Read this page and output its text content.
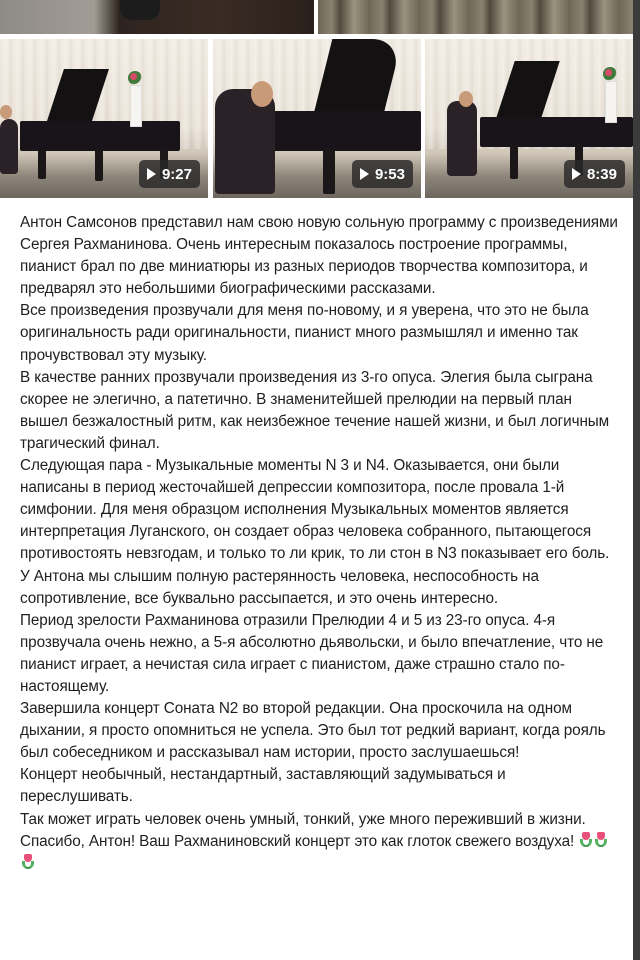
9:27	9:53	8:39

Антон Самсонов представил нам свою новую сольную программу с произведениями Сергея Рахманинова. Очень интересным показалось построение программы, пианист брал по две миниатюры из разных периодов творчества композитора, и предварял это небольшими биографическими рассказами.

Все произведения прозвучали для меня по-новому, и я уверена, что это не была оригинальность ради оригинальности, пианист много размышлял и именно так прочувствовал эту музыку.

В качестве ранних прозвучали произведения из 3-го опуса. Элегия была сыграна скорее не элегично, а патетично. В знаменитейшей прелюдии на первый план вышел безжалостный ритм, как неизбежное течение нашей жизни, и был логичным трагический финал.

Следующая пара - Музыкальные моменты N 3 и N4. Оказывается, они были написаны в период жесточайшей депрессии композитора, после провала 1-й симфонии. Для меня образцом исполнения Музыкальных моментов является интерпретация Луганского, он создает образ человека собранного, пытающегося противостоять невзгодам, и только то ли крик, то ли стон в N3 показывает его боль. У Антона мы слышим полную растерянность человека, неспособность на сопротивление, все буквально рассыпается, и это очень интересно.

Период зрелости Рахманинова отразили Прелюдии 4 и 5 из 23-го опуса. 4-я прозвучала очень нежно, а 5-я абсолютно дьявольски, и было впечатление, что не пианист играет, а нечистая сила играет с пианистом, даже страшно стало по-настоящему.

Завершила концерт Соната N2 во второй редакции. Она проскочила на одном дыхании, я просто опомниться не успела. Это был тот редкий вариант, когда рояль был собеседником и рассказывал нам истории, просто заслушаешься!

Концерт необычный, нестандартный, заставляющий задумываться и переслушивать.

Так может играть человек очень умный, тонкий, уже много переживший в жизни.

Спасибо, Антон! Ваш Рахманиновский концерт это как глоток свежего воздуха!
